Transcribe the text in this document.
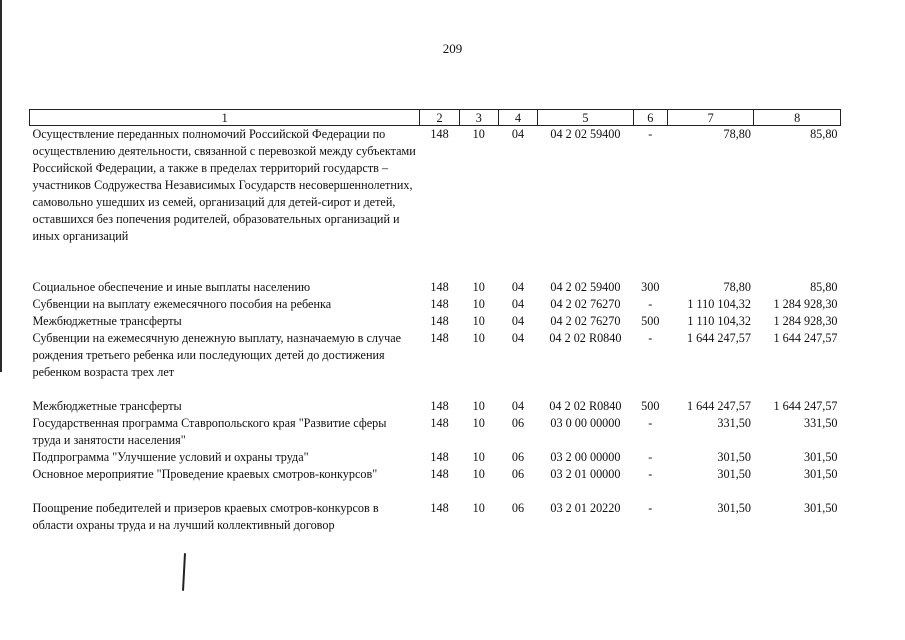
209
1	2	3	4	5	6	7	8
Осуществление переданных полномочий Российской Федерации по осуществлению деятельности, связанной с перевозкой между субъектами Российской Федерации, а также в пределах территорий государств – участников Содружества Независимых Государств несовершеннолетних, самовольно ушедших из семей, организаций для детей-сирот и детей, оставшихся без попечения родителей, образовательных организаций и иных организаций	148	10	04	04 2 02 59400	-	78,80	85,80
Социальное обеспечение и иные выплаты населению	148	10	04	04 2 02 59400	300	78,80	85,80
Субвенции на выплату ежемесячного пособия на ребенка	148	10	04	04 2 02 76270	-	1 110 104,32	1 284 928,30
Межбюджетные трансферты	148	10	04	04 2 02 76270	500	1 110 104,32	1 284 928,30
Субвенции на ежемесячную денежную выплату, назначаемую в случае рождения третьего ребенка или последующих детей до достижения ребенком возраста трех лет	148	10	04	04 2 02 R0840	-	1 644 247,57	1 644 247,57
Межбюджетные трансферты	148	10	04	04 2 02 R0840	500	1 644 247,57	1 644 247,57
Государственная программа Ставропольского края "Развитие сферы труда и занятости населения"	148	10	06	03 0 00 00000	-	331,50	331,50
Подпрограмма "Улучшение условий и охраны труда"	148	10	06	03 2 00 00000	-	301,50	301,50
Основное мероприятие "Проведение краевых смотров-конкурсов"	148	10	06	03 2 01 00000	-	301,50	301,50
Поощрение победителей и призеров краевых смотров-конкурсов в области охраны труда и на лучший коллективный договор	148	10	06	03 2 01 20220	-	301,50	301,50
